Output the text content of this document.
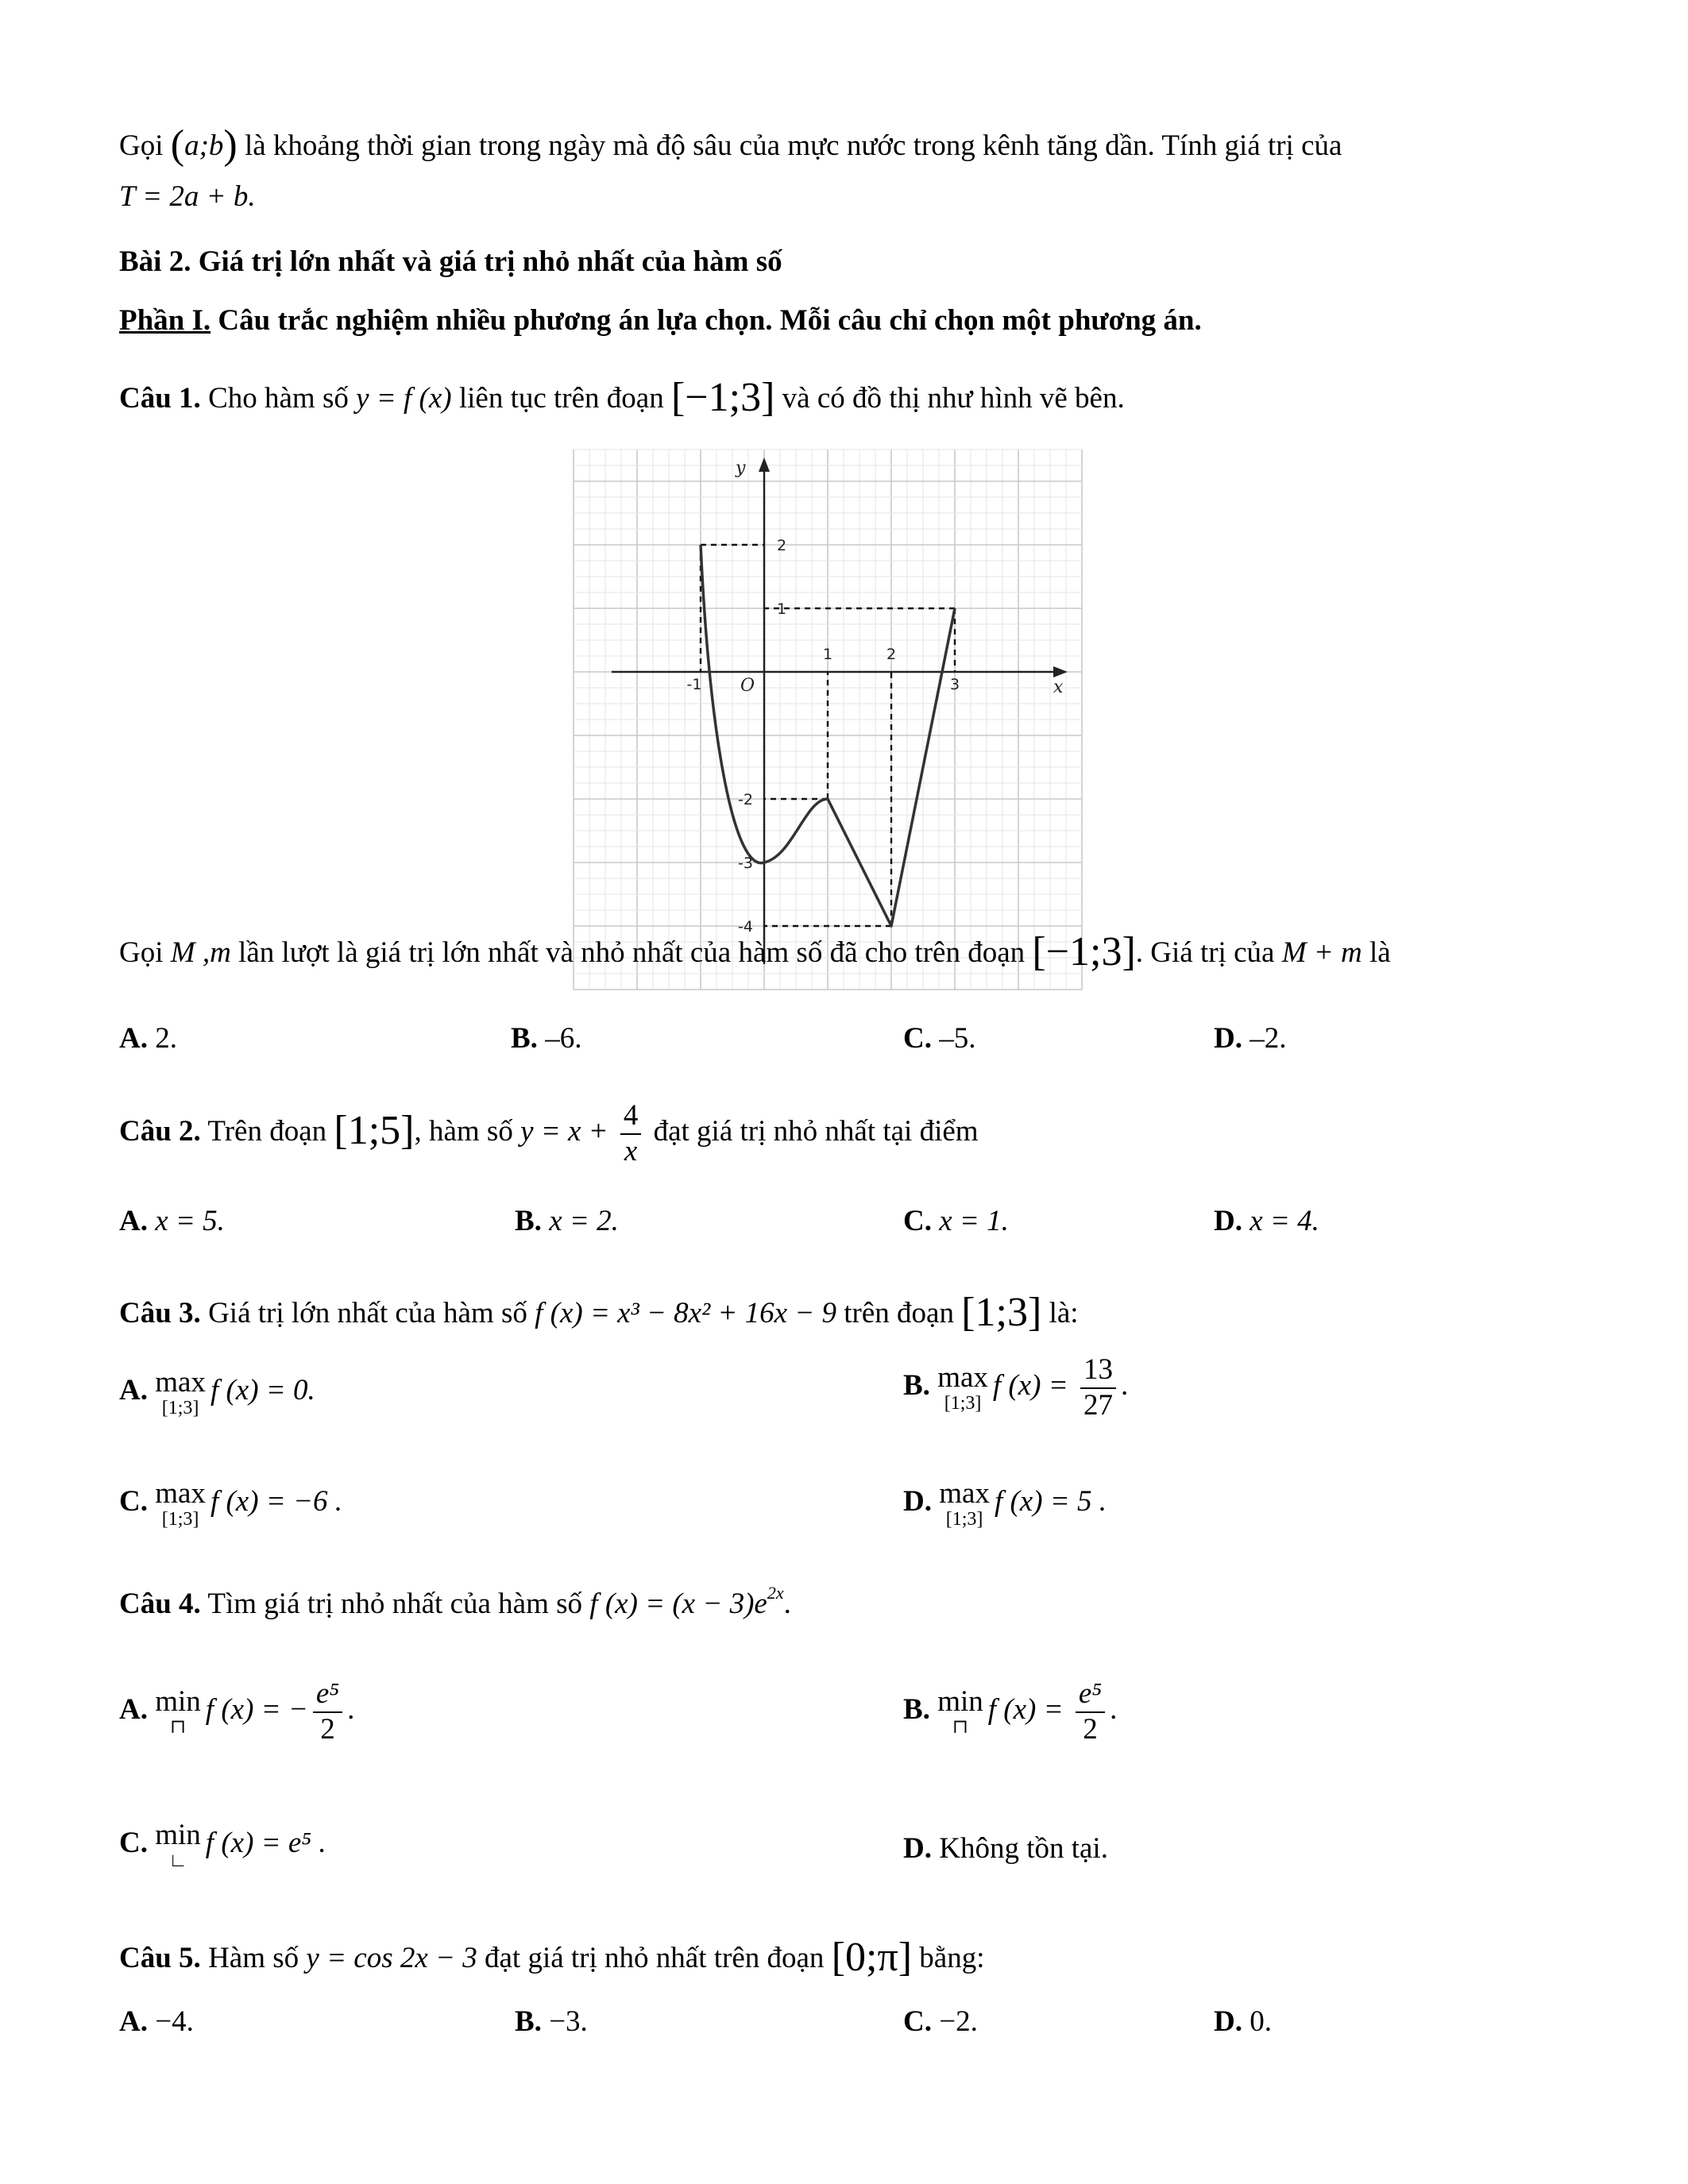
Gọi (a;b) là khoảng thời gian trong ngày mà độ sâu của mực nước trong kênh tăng dần. Tính giá trị của
T = 2a + b.
Bài 2. Giá trị lớn nhất và giá trị nhỏ nhất của hàm số
Phần I. Câu trắc nghiệm nhiều phương án lựa chọn. Mỗi câu chỉ chọn một phương án.
Câu 1. Cho hàm số y = f (x) liên tục trên đoạn [−1;3] và có đồ thị như hình vẽ bên.
-1
1	2
3
2
1
-2
-3
-4
O	x
y
Gọi M ,m lần lượt là giá trị lớn nhất và nhỏ nhất của hàm số đã cho trên đoạn [−1;3]. Giá trị của M + m là
A. 2.	B. –6.	C. –5.	D. –2.
Câu 2. Trên đoạn [1;5], hàm số $y = x + \frac{4}{x}$ đạt giá trị nhỏ nhất tại điểm
A. x = 5.	B. x = 2.	C. x = 1.	D. x = 4.
Câu 3. Giá trị lớn nhất của hàm số f (x) = x³ − 8x² + 16x − 9 trên đoạn [1;3] là:
A. max
[1;3]
f (x) = 0.	B. max
[1;3]
f $(x) = \frac{13}{27}$ .
C. max
[1;3]
f (x) = −6 .	D. max
[1;3]
f (x) = 5 .
Câu 4. Tìm giá trị nhỏ nhất của hàm số f $(x) = (x - 3)e^{2x}$.
A. min
⊓
f (x) = − $\frac{\text{e⁵}}{2}$ .	B. min
⊓
f $(x) = \frac{\text{e⁵}}{2}$ .
C. min
∟
f (x) = e⁵ .	D. Không tồn tại.
Câu 5. Hàm số y = cos 2x − 3 đạt giá trị nhỏ nhất trên đoạn [0;π] bằng:
A. −4.	B. −3.	C. −2.	D. 0.
